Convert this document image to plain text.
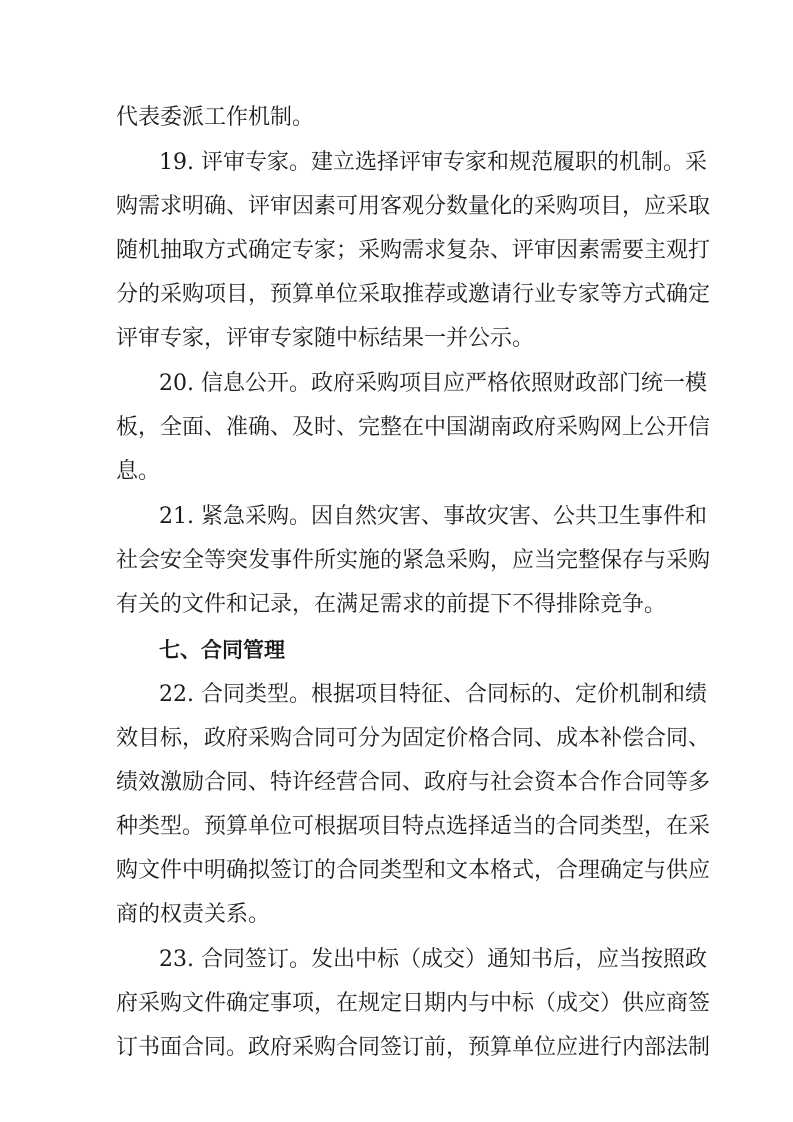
代表委派工作机制。
19. 评审专家。建立选择评审专家和规范履职的机制。采
购需求明确、评审因素可用客观分数量化的采购项目，应采取
随机抽取方式确定专家；采购需求复杂、评审因素需要主观打
分的采购项目，预算单位采取推荐或邀请行业专家等方式确定
评审专家，评审专家随中标结果一并公示。
20. 信息公开。政府采购项目应严格依照财政部门统一模
板，全面、准确、及时、完整在中国湖南政府采购网上公开信
息。
21. 紧急采购。因自然灾害、事故灾害、公共卫生事件和
社会安全等突发事件所实施的紧急采购，应当完整保存与采购
有关的文件和记录，在满足需求的前提下不得排除竞争。
七、合同管理
22. 合同类型。根据项目特征、合同标的、定价机制和绩
效目标，政府采购合同可分为固定价格合同、成本补偿合同、
绩效激励合同、特许经营合同、政府与社会资本合作合同等多
种类型。预算单位可根据项目特点选择适当的合同类型，在采
购文件中明确拟签订的合同类型和文本格式，合理确定与供应
商的权责关系。
23. 合同签订。发出中标（成交）通知书后，应当按照政
府采购文件确定事项，在规定日期内与中标（成交）供应商签
订书面合同。政府采购合同签订前，预算单位应进行内部法制
